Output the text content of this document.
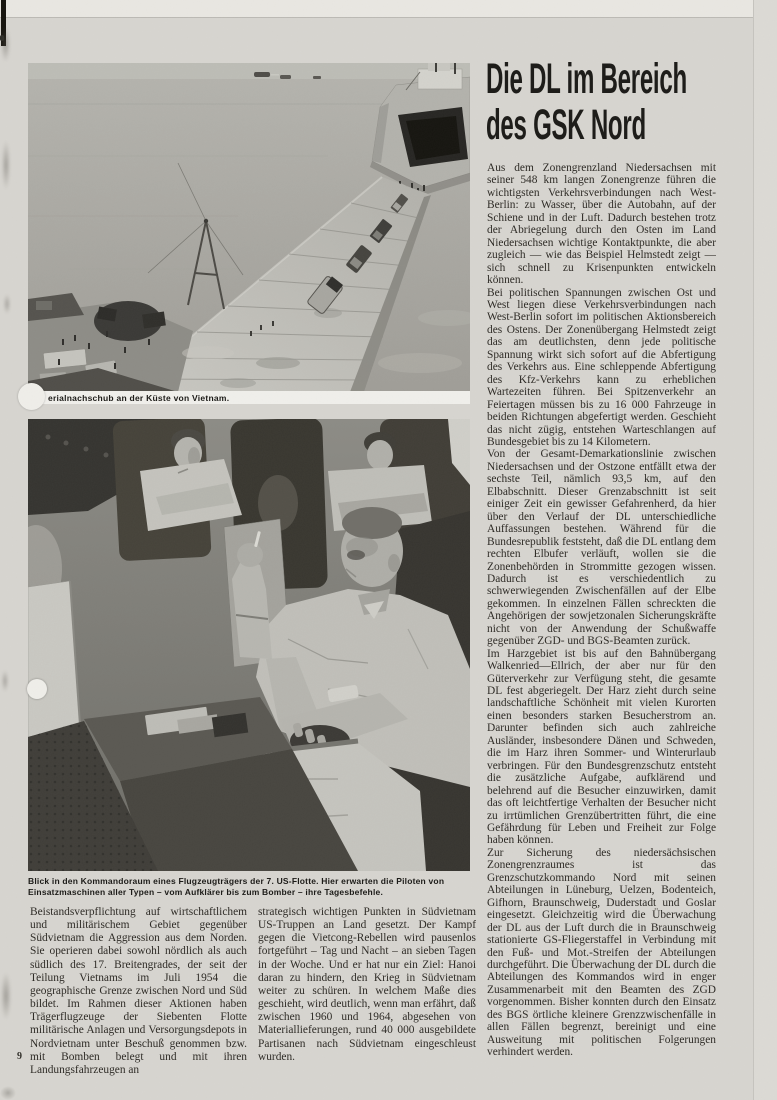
erialnachschub an der Küste von Vietnam.
Blick in den Kommandoraum eines Flugzeugträgers der 7. US-Flotte. Hier erwarten die Piloten von Einsatzmaschinen aller Typen – vom Aufklärer bis zum Bomber – ihre Tagesbefehle.
Die DL im Bereich
des GSK Nord

Aus dem Zonengrenzland Niedersachsen mit seiner 548 km langen Zonengrenze führen die wichtigsten Verkehrsverbindungen nach West-Berlin: zu Wasser, über die Autobahn, auf der Schiene und in der Luft. Dadurch bestehen trotz der Abriegelung durch den Osten im Land Niedersachsen wichtige Kontaktpunkte, die aber zugleich — wie das Beispiel Helmstedt zeigt — sich schnell zu Krisenpunkten entwickeln können.

Bei politischen Spannungen zwischen Ost und West liegen diese Verkehrsverbindungen nach West-Berlin sofort im politischen Aktionsbereich des Ostens. Der Zonenübergang Helmstedt zeigt das am deutlichsten, denn jede politische Spannung wirkt sich sofort auf die Abfertigung des Verkehrs aus. Eine schleppende Abfertigung des Kfz-Verkehrs kann zu erheblichen Wartezeiten führen. Bei Spitzenverkehr an Feiertagen müssen bis zu 16 000 Fahrzeuge in beiden Richtungen abgefertigt werden. Geschieht das nicht zügig, entstehen Warteschlangen auf Bundesgebiet bis zu 14 Kilometern.

Von der Gesamt-Demarkationslinie zwischen Niedersachsen und der Ostzone entfällt etwa der sechste Teil, nämlich 93,5 km, auf den Elbabschnitt. Dieser Grenzabschnitt ist seit einiger Zeit ein gewisser Gefahrenherd, da hier über den Verlauf der DL unterschiedliche Auffassungen bestehen. Während für die Bundesrepublik feststeht, daß die DL entlang dem rechten Elbufer verläuft, wollen sie die Zonenbehörden in Strommitte gezogen wissen. Dadurch ist es verschiedentlich zu schwerwiegenden Zwischenfällen auf der Elbe gekommen. In einzelnen Fällen schreckten die Angehörigen der sowjetzonalen Sicherungskräfte nicht von der Anwendung der Schußwaffe gegenüber ZGD- und BGS-Beamten zurück.

Im Harzgebiet ist bis auf den Bahnübergang Walkenried—Ellrich, der aber nur für den Güterverkehr zur Verfügung steht, die gesamte DL fest abgeriegelt. Der Harz zieht durch seine landschaftliche Schönheit mit vielen Kurorten einen besonders starken Besucherstrom an. Darunter befinden sich auch zahlreiche Ausländer, insbesondere Dänen und Schweden, die im Harz ihren Sommer- und Winterurlaub verbringen. Für den Bundesgrenzschutz entsteht die zusätzliche Aufgabe, aufklärend und belehrend auf die Besucher einzuwirken, damit das oft leichtfertige Verhalten der Besucher nicht zu irrtümlichen Grenzübertritten führt, die eine Gefährdung für Leben und Freiheit zur Folge haben können.

Zur Sicherung des niedersächsischen Zonengrenzraumes ist das Grenzschutzkommando Nord mit seinen Abteilungen in Lüneburg, Uelzen, Bodenteich, Gifhorn, Braunschweig, Duderstadt und Goslar eingesetzt. Gleichzeitig wird die Überwachung der DL aus der Luft durch die in Braunschweig stationierte GS-Fliegerstaffel in Verbindung mit den Fuß- und Mot.-Streifen der Abteilungen durchgeführt. Die Überwachung der DL durch die Abteilungen des Kommandos wird in enger Zusammenarbeit mit den Beamten des ZGD vorgenommen. Bisher konnten durch den Einsatz des BGS örtliche kleinere Grenzzwischenfälle in allen Fällen begrenzt, bereinigt und eine Ausweitung mit politischen Folgerungen verhindert werden.

Beistandsverpflichtung auf wirtschaftlichem und militärischem Gebiet gegenüber Südvietnam die Aggression aus dem Norden. Sie operieren dabei sowohl nördlich als auch südlich des 17. Breitengrades, der seit der Teilung Vietnams im Juli 1954 die geographische Grenze zwischen Nord und Süd bildet. Im Rahmen dieser Aktionen haben Trägerflugzeuge der Siebenten Flotte militärische Anlagen und Versorgungsdepots in Nordvietnam unter Beschuß genommen bzw. mit Bomben belegt und mit ihren Landungsfahrzeugen an

strategisch wichtigen Punkten in Südvietnam US-Truppen an Land gesetzt. Der Kampf gegen die Vietcong-Rebellen wird pausenlos fortgeführt – Tag und Nacht – an sieben Tagen in der Woche. Und er hat nur ein Ziel: Hanoi daran zu hindern, den Krieg in Südvietnam weiter zu schüren. In welchem Maße dies geschieht, wird deutlich, wenn man erfährt, daß zwischen 1960 und 1964, abgesehen von Materiallieferungen, rund 40 000 ausgebildete Partisanen nach Südvietnam eingeschleust wurden.

9
